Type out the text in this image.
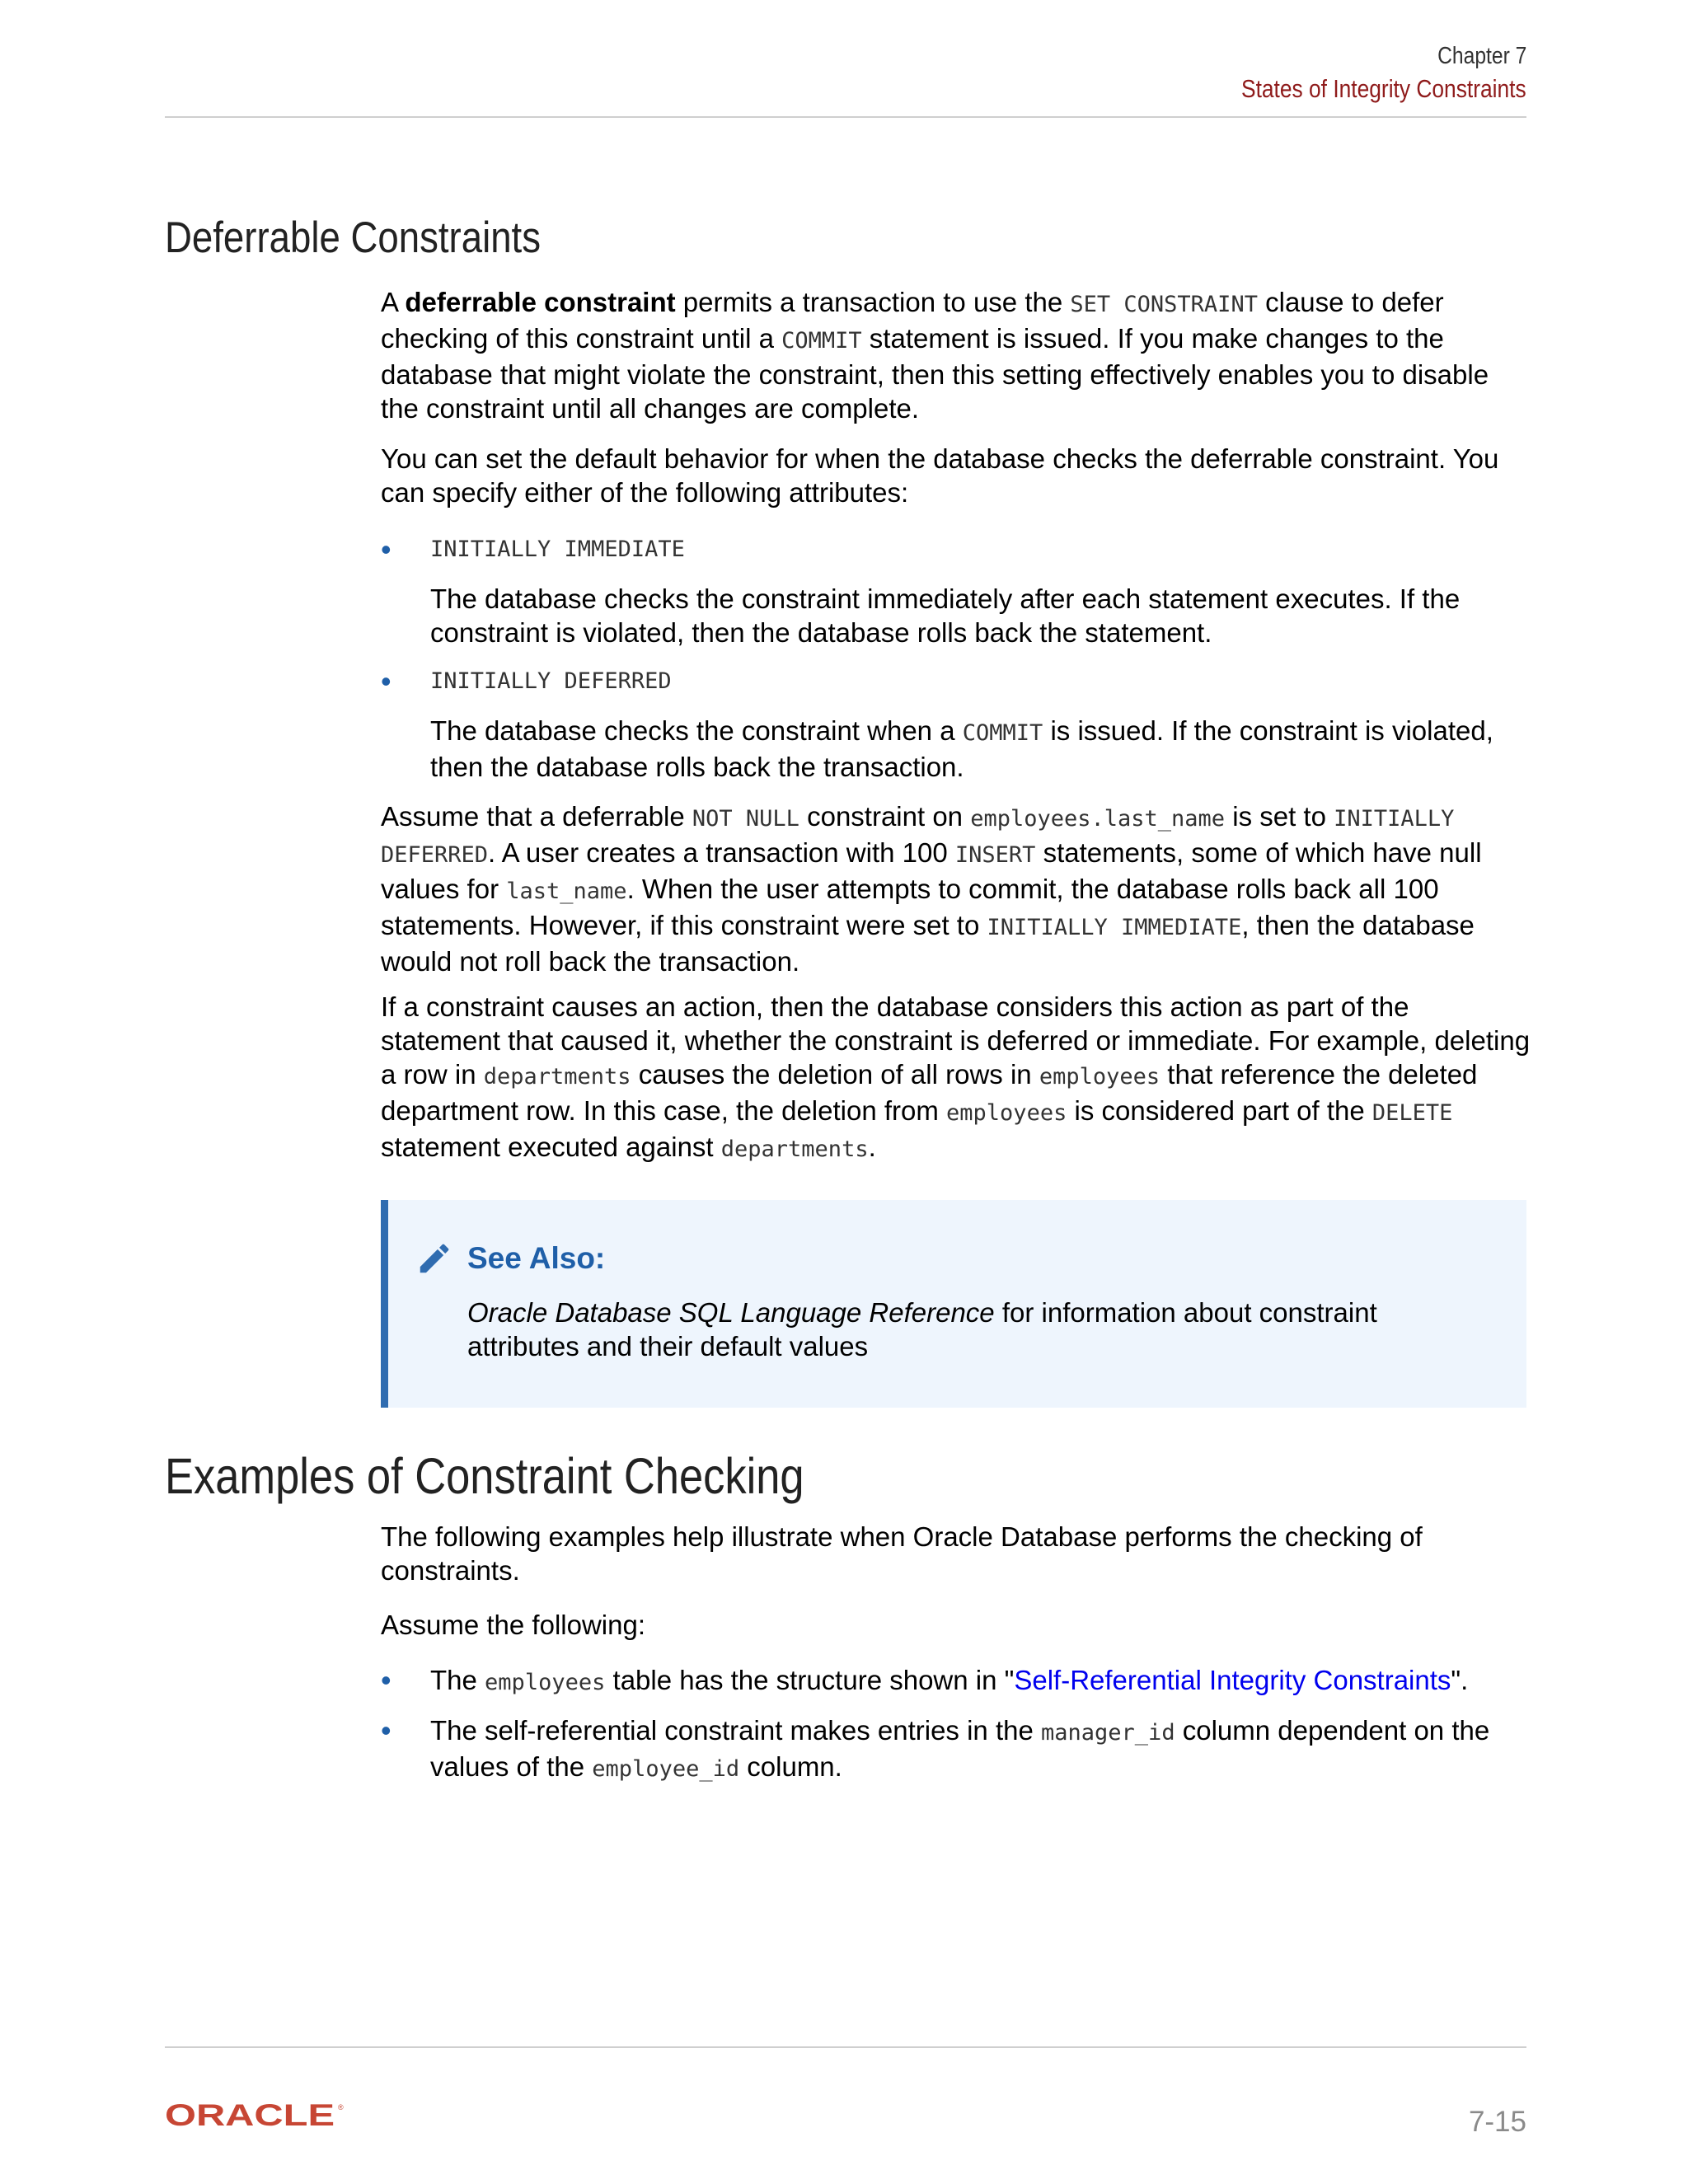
Chapter 7
States of Integrity Constraints
Deferrable Constraints

A deferrable constraint permits a transaction to use the SET CONSTRAINT clause to defer checking of this constraint until a COMMIT statement is issued. If you make changes to the database that might violate the constraint, then this setting effectively enables you to disable the constraint until all changes are complete.

You can set the default behavior for when the database checks the deferrable constraint. You can specify either of the following attributes:
• INITIALLY IMMEDIATE
The database checks the constraint immediately after each statement executes. If the constraint is violated, then the database rolls back the statement.
• INITIALLY DEFERRED
The database checks the constraint when a COMMIT is issued. If the constraint is violated, then the database rolls back the transaction.

Assume that a deferrable NOT NULL constraint on employees.last_name is set to INITIALLY DEFERRED. A user creates a transaction with 100 INSERT statements, some of which have null values for last_name. When the user attempts to commit, the database rolls back all 100 statements. However, if this constraint were set to INITIALLY IMMEDIATE, then the database would not roll back the transaction.

If a constraint causes an action, then the database considers this action as part of the statement that caused it, whether the constraint is deferred or immediate. For example, deleting a row in departments causes the deletion of all rows in employees that reference the deleted department row. In this case, the deletion from employees is considered part of the DELETE statement executed against departments.

See Also:
Oracle Database SQL Language Reference for information about constraint attributes and their default values
Examples of Constraint Checking
The following examples help illustrate when Oracle Database performs the checking of constraints.
Assume the following:
• The employees table has the structure shown in "Self-Referential Integrity Constraints".
• The self-referential constraint makes entries in the manager_id column dependent on the values of the employee_id column.
ORACLE ®	7-15
